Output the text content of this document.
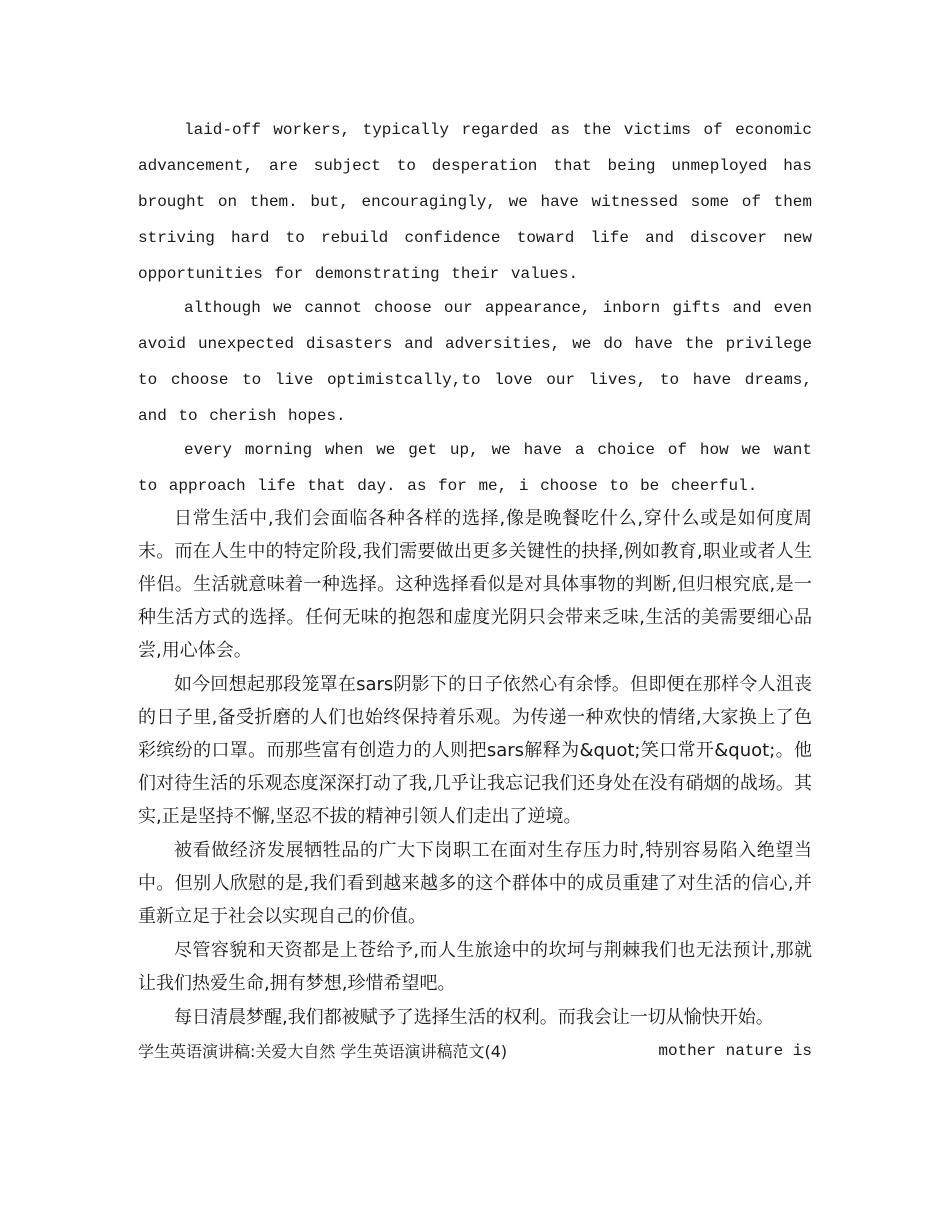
laid-off workers, typically regarded as the victims of economic advancement, are subject to desperation that being unmeployed has brought on them. but, encouragingly, we have witnessed some of them striving hard to rebuild confidence toward life and discover new opportunities for demonstrating their values.

although we cannot choose our appearance, inborn gifts and even avoid unexpected disasters and adversities, we do have the privilege to choose to live optimistcally,to love our lives, to have dreams, and to cherish hopes.

every morning when we get up, we have a choice of how we want to approach life that day. as for me, i choose to be cheerful.

日常生活中,我们会面临各种各样的选择,像是晚餐吃什么,穿什么或是如何度周末。而在人生中的特定阶段,我们需要做出更多关键性的抉择,例如教育,职业或者人生伴侣。生活就意味着一种选择。这种选择看似是对具体事物的判断,但归根究底,是一种生活方式的选择。任何无味的抱怨和虚度光阴只会带来乏味,生活的美需要细心品尝,用心体会。

如今回想起那段笼罩在sars阴影下的日子依然心有余悸。但即便在那样令人沮丧的日子里,备受折磨的人们也始终保持着乐观。为传递一种欢快的情绪,大家换上了色彩缤纷的口罩。而那些富有创造力的人则把sars解释为&quot;笑口常开&quot;。他们对待生活的乐观态度深深打动了我,几乎让我忘记我们还身处在没有硝烟的战场。其实,正是坚持不懈,坚忍不拔的精神引领人们走出了逆境。

被看做经济发展牺牲品的广大下岗职工在面对生存压力时,特别容易陷入绝望当中。但别人欣慰的是,我们看到越来越多的这个群体中的成员重建了对生活的信心,并重新立足于社会以实现自己的价值。

尽管容貌和天资都是上苍给予,而人生旅途中的坎坷与荆棘我们也无法预计,那就让我们热爱生命,拥有梦想,珍惜希望吧。

每日清晨梦醒,我们都被赋予了选择生活的权利。而我会让一切从愉快开始。

学生英语演讲稿:关爱大自然 学生英语演讲稿范文(4)	mother nature is
